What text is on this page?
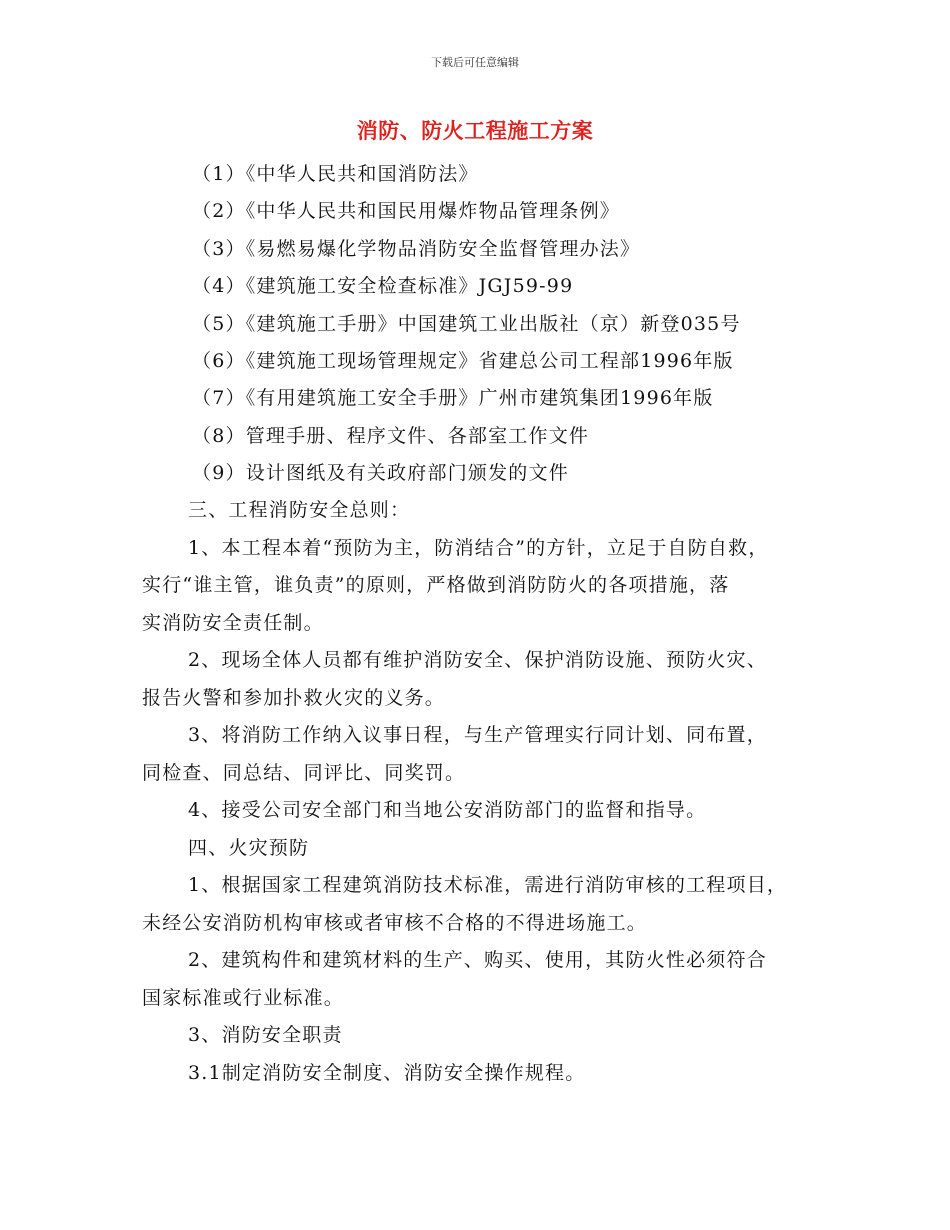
下载后可任意编辑
消防、防火工程施工方案
（1）《中华人民共和国消防法》
（2）《中华人民共和国民用爆炸物品管理条例》
（3）《易燃易爆化学物品消防安全监督管理办法》
（4）《建筑施工安全检查标准》JGJ59-99
（5）《建筑施工手册》中国建筑工业出版社（京）新登035号
（6）《建筑施工现场管理规定》省建总公司工程部1996年版
（7）《有用建筑施工安全手册》广州市建筑集团1996年版
（8）管理手册、程序文件、各部室工作文件
（9）设计图纸及有关政府部门颁发的文件
三、工程消防安全总则：
1、本工程本着“预防为主，防消结合”的方针，立足于自防自救，
实行“谁主管，谁负责”的原则，严格做到消防防火的各项措施，落
实消防安全责任制。
2、现场全体人员都有维护消防安全、保护消防设施、预防火灾、
报告火警和参加扑救火灾的义务。
3、将消防工作纳入议事日程，与生产管理实行同计划、同布置，
同检查、同总结、同评比、同奖罚。
4、接受公司安全部门和当地公安消防部门的监督和指导。
四、火灾预防
1、根据国家工程建筑消防技术标准，需进行消防审核的工程项目，
未经公安消防机构审核或者审核不合格的不得进场施工。
2、建筑构件和建筑材料的生产、购买、使用，其防火性必须符合
国家标准或行业标准。
3、消防安全职责
3.1制定消防安全制度、消防安全操作规程。
